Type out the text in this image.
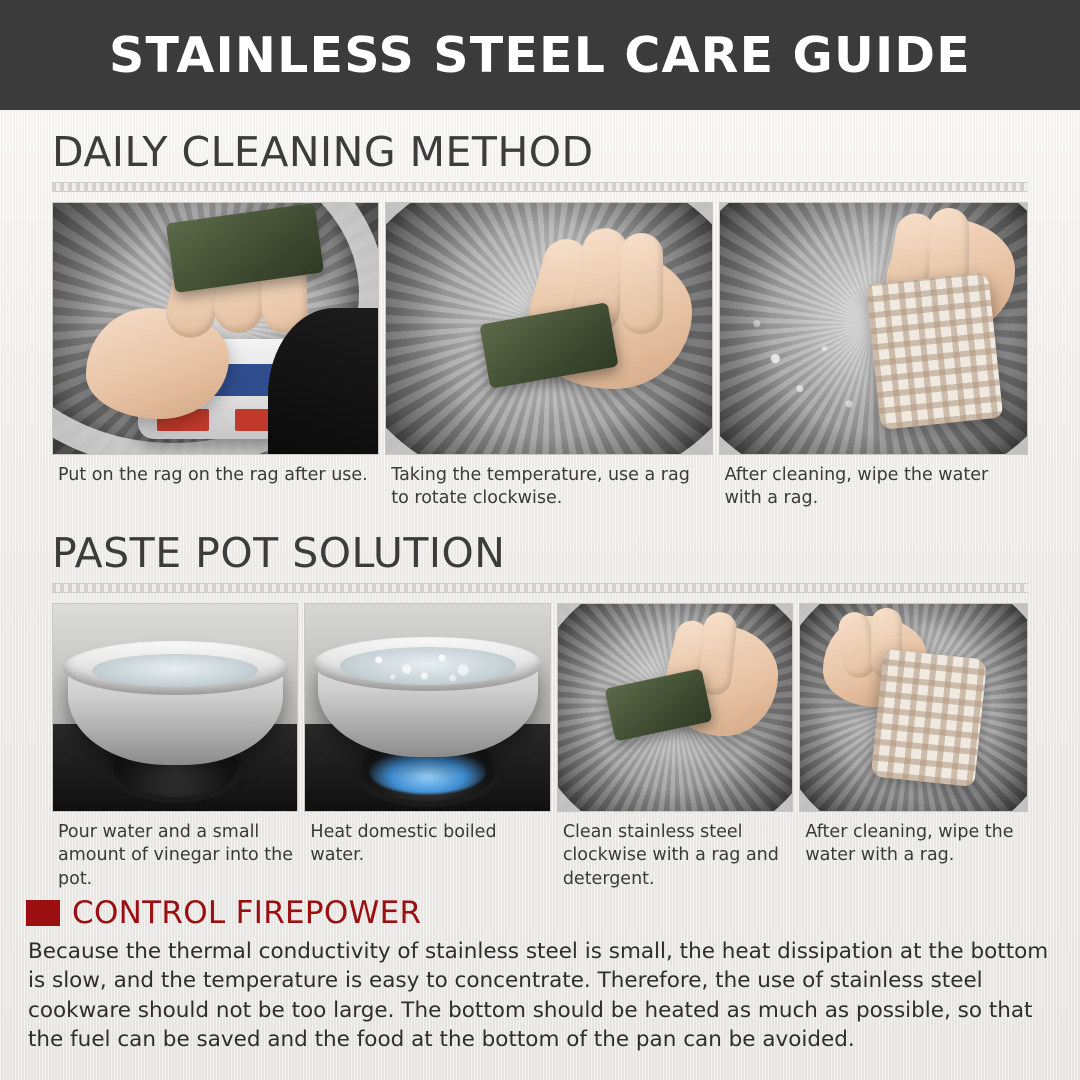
STAINLESS STEEL CARE GUIDE
DAILY CLEANING METHOD
Put on the rag on the rag after use.	Taking the temperature, use a rag to rotate clockwise.
After cleaning, wipe the water with a rag.
PASTE POT SOLUTION
Pour water and a small amount of vinegar into the pot.
Heat domestic boiled water.
Clean stainless steel clockwise with a rag and detergent.
After cleaning, wipe the water with a rag.
CONTROL FIREPOWER
Because the thermal conductivity of stainless steel is small, the heat dissipation at the bottom is slow, and the temperature is easy to concentrate. Therefore, the use of stainless steel cookware should not be too large. The bottom should be heated as much as possible, so that the fuel can be saved and the food at the bottom of the pan can be avoided.
